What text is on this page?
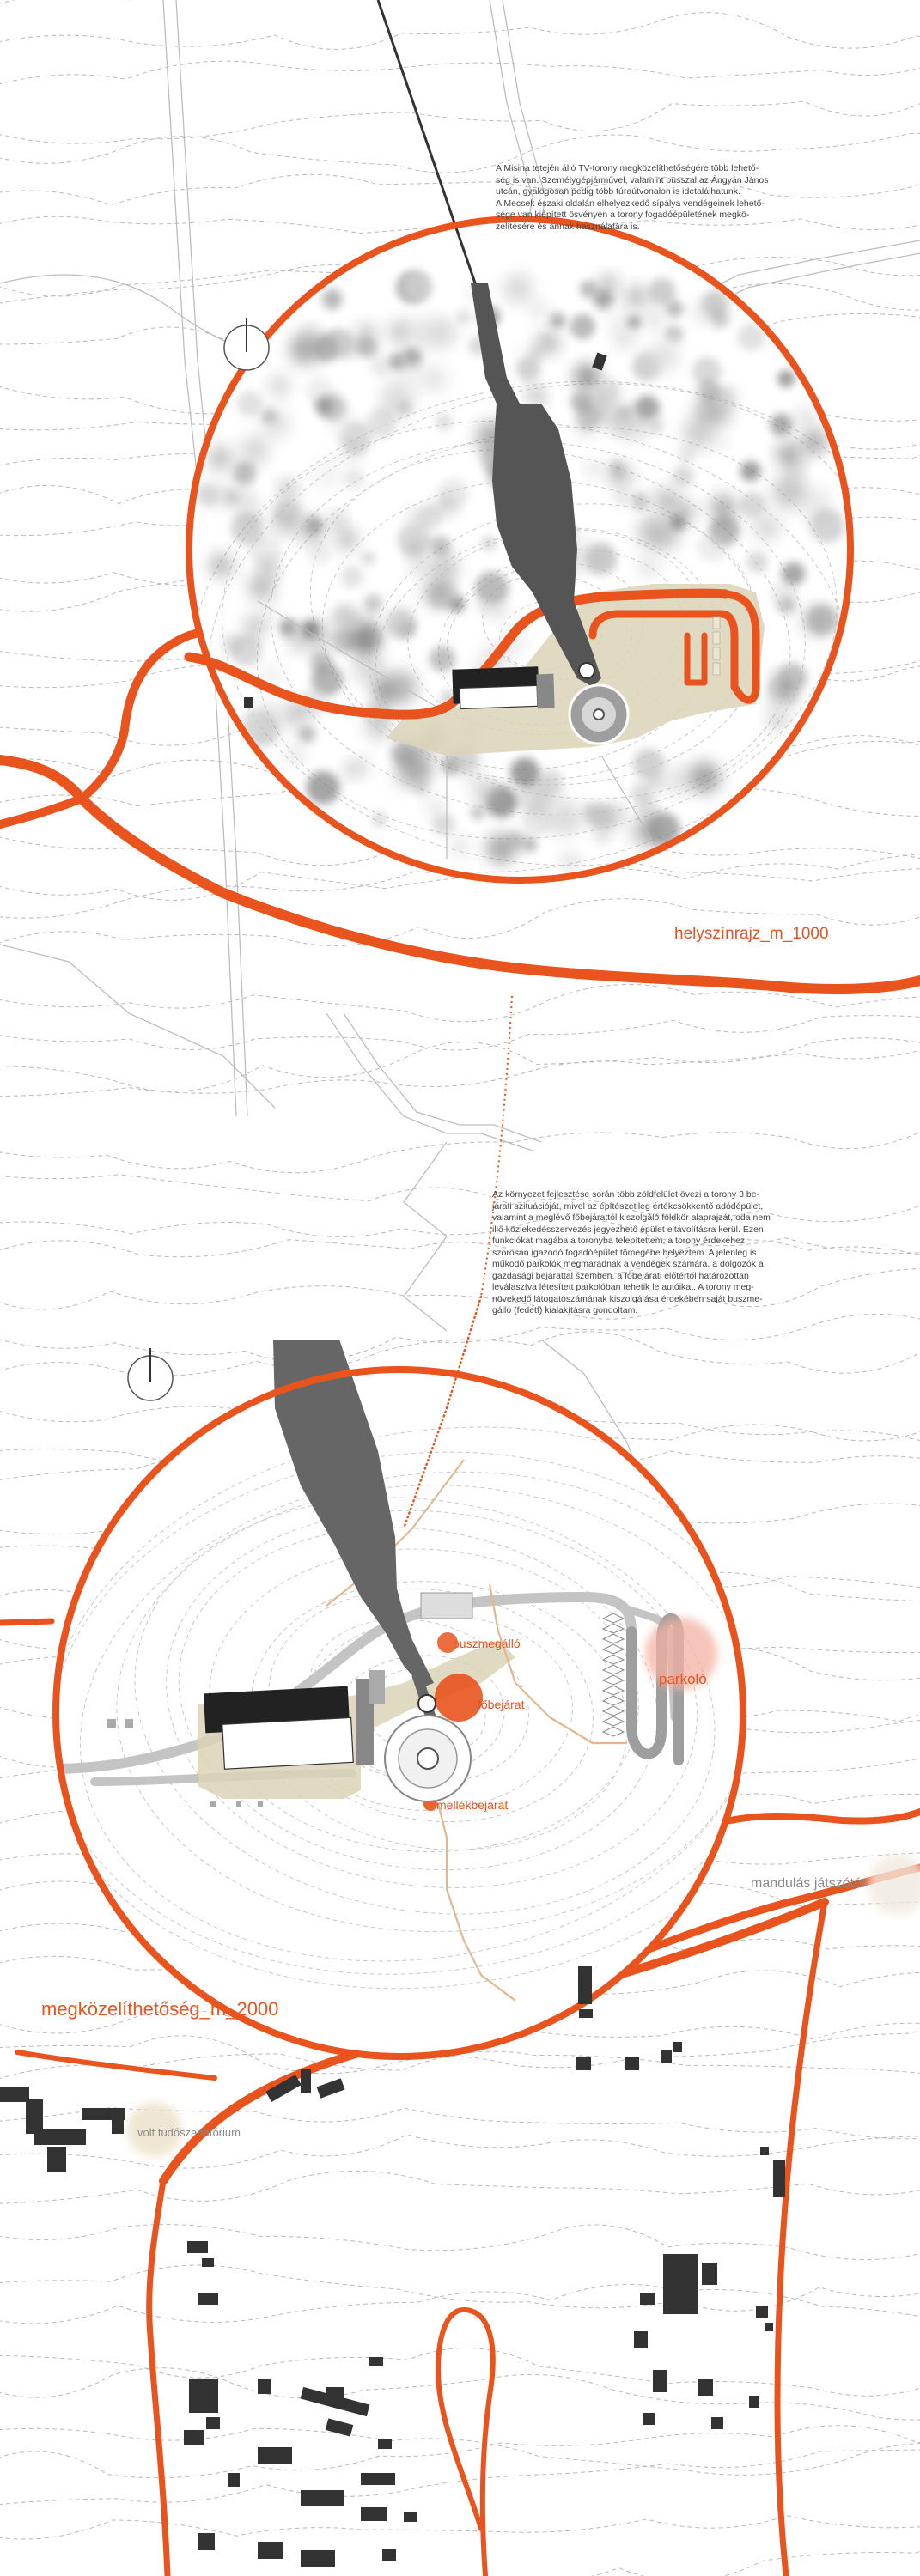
A Misina tetején álló TV-torony megközelíthetőségére több lehető-
ség is van. Személygépjárművel, valamint busszal az Ángyán János
utcán, gyalogosan pedig több túraútvonalon is idetalálhatunk.
A Mecsek északi oldalán elhelyezkedő sípálya vendégeinek lehető-
sége van kiépített ösvényen a torony fogadóépületének megkö-
zelítésére és annak használatára is.
helyszínrajz_m_1000
Az környezet fejlesztése során több zöldfelület övezi a torony 3 be-
járati szituációját, mivel az építészetileg értékcsökkentő adódépület,
valamint a meglévő főbejárattól kiszolgáló földkör alaprajzát, oda nem
illő közlekedésszervezés jegyezhető épület eltávolításra kerül. Ezen
funkciókat magába a toronyba telepítettem, a torony érdekéhez
szorosan igazodó fogadóépület tömegébe helyeztem. A jelenleg is
működő parkolók megmaradnak a vendégek számára, a dolgozók a
gazdasági bejárattal szemben, a főbejárati előtértől határozottan
leválasztva létesített parkolóban tehetik le autóikat. A torony meg-
növekedő látogatószámának kiszolgálása érdekében saját buszme-
gálló (fedett) kialakításra gondoltam.
buszmegálló
főbejárat
mellékbejárat
parkoló
mandulás játszótér
volt tüdőszanatórium
megközelíthetőség_m_2000
